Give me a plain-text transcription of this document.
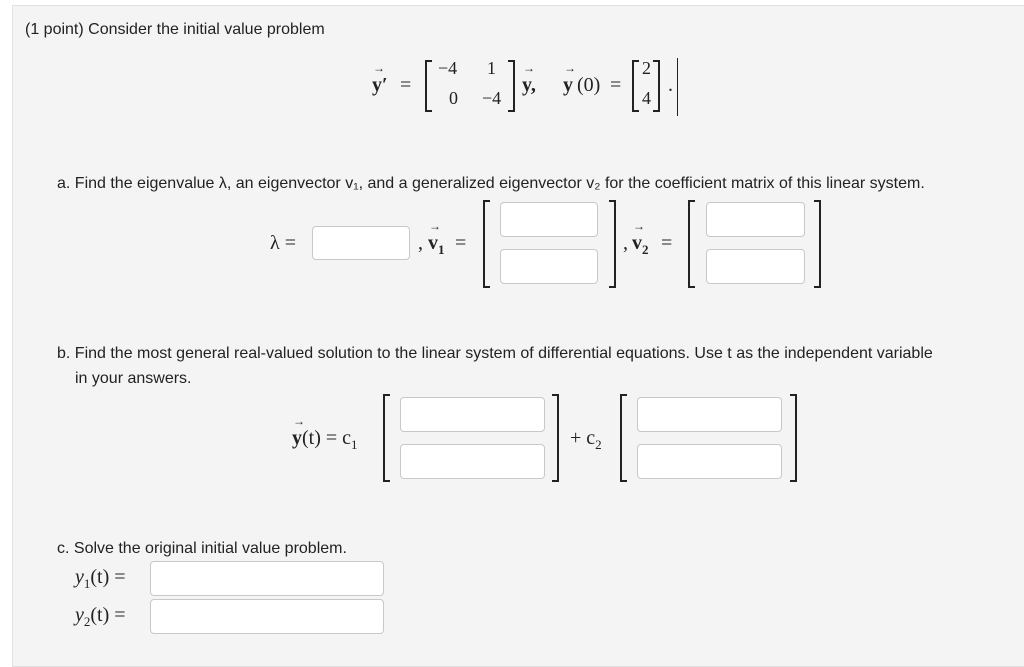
(1 point) Consider the initial value problem
→ y′ =
−4 1
0 −4
→ y, → y (0) =
2
4
.
a. Find the eigenvalue λ, an eigenvector v₁, and a generalized eigenvector v₂ for the coefficient matrix of this linear system.
λ =	, → $v_1$ =	, → $v_2$ =
b. Find the most general real-valued solution to the linear system of differential equations. Use t as the independent variable
in your answers.
→ $y(t) = c_1$	+ $c_2$
c. Solve the original initial value problem.
$y_1(t)$ =
$y_2(t)$ =
